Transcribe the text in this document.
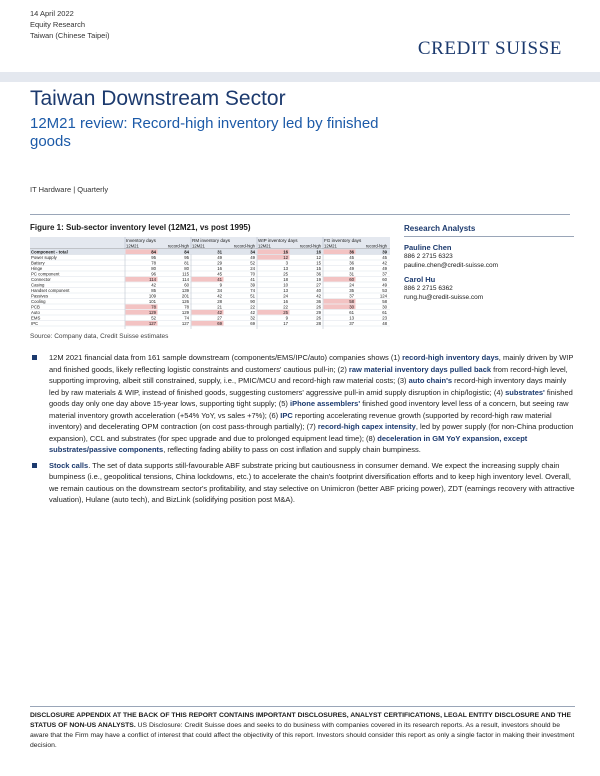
14 April 2022
Equity Research
Taiwan (Chinese Taipei)
CREDIT SUISSE
Taiwan Downstream Sector
12M21 review: Record-high inventory led by finished goods
IT Hardware | Quarterly
Figure 1: Sub-sector inventory level (12M21, vs post 1995)
Inventory days
12M21	record-high
RM inventory days
12M21	record-high
WIP inventory days
12M21	record-high
FG inventory days
12M21	record-high
Component - total	84	84	31	34	16	16	36	39
Power supply	95	95	49	49	12	12	45	45
Battery	78	81	29	52	3	15	36	42
Hinge	80	80	16	24	13	15	49	49
PC component	96	115	45	70	25	36	31	37
Connector	114	114	41	41	18	19	60	60
Casing	42	60	9	39	10	27	24	49
Handset component	85	139	34	74	13	40	35	53
Passives	109	201	42	51	24	42	37	124
Cooling	101	126	28	90	16	36	58	58
PCB	78	78	21	22	22	26	30	30
Auto	129	129	42	42	25	29	61	61
EMS	52	74	27	32	9	26	13	23
IPC	127	127	69	69	17	28	37	48
Source: Company data, Credit Suisse estimates
Research Analysts
Pauline Chen
886 2 2715 6323
pauline.chen@credit-suisse.com
Carol Hu
886 2 2715 6362
rung.hu@credit-suisse.com
12M 2021 financial data from 161 sample downstream (components/EMS/IPC/auto) companies shows (1) record-high inventory days, mainly driven by WIP and finished goods, likely reflecting logistic constraints and customers' cautious pull-in; (2) raw material inventory days pulled back from record-high level, supporting improving, albeit still constrained, supply, i.e., PMIC/MCU and record-high raw material costs; (3) auto chain's record-high inventory days mainly led by raw materials & WIP, instead of finished goods, suggesting customers' aggressive pull-in amid supply disruption in chip/logistic; (4) substrates' finished goods day only one day above 15-year lows, supporting tight supply; (5) iPhone assemblers' finished good inventory level less of a concern, but seeing raw material inventory growth acceleration (+54% YoY, vs sales +7%); (6) IPC reporting accelerating revenue growth (supported by record-high raw material inventory) and decelerating OPM contraction (on cost pass-through partially); (7) record-high capex intensity, led by power supply (for non-China production expansion), CCL and substrates (for spec upgrade and due to prolonged equipment lead time); (8) deceleration in GM YoY expansion, except substrates/passive components, reflecting fading ability to pass on cost inflation and supply chain bumpiness.
Stock calls. The set of data supports still-favourable ABF substrate pricing but cautiousness in consumer demand. We expect the increasing supply chain bumpiness (i.e., geopolitical tensions, China lockdowns, etc.) to accelerate the chain's footprint diversification efforts and to keep high inventory level. Overall, we remain cautious on the downstream sector's profitability, and stay selective on Unimicron (better ABF pricing power), ZDT (earnings recovery with attractive valuation), Hulane (auto tech), and BizLink (solidifying position post M&A).
DISCLOSURE APPENDIX AT THE BACK OF THIS REPORT CONTAINS IMPORTANT DISCLOSURES, ANALYST CERTIFICATIONS, LEGAL ENTITY DISCLOSURE AND THE STATUS OF NON-US ANALYSTS. US Disclosure: Credit Suisse does and seeks to do business with companies covered in its research reports. As a result, investors should be aware that the Firm may have a conflict of interest that could affect the objectivity of this report. Investors should consider this report as only a single factor in making their investment decision.
